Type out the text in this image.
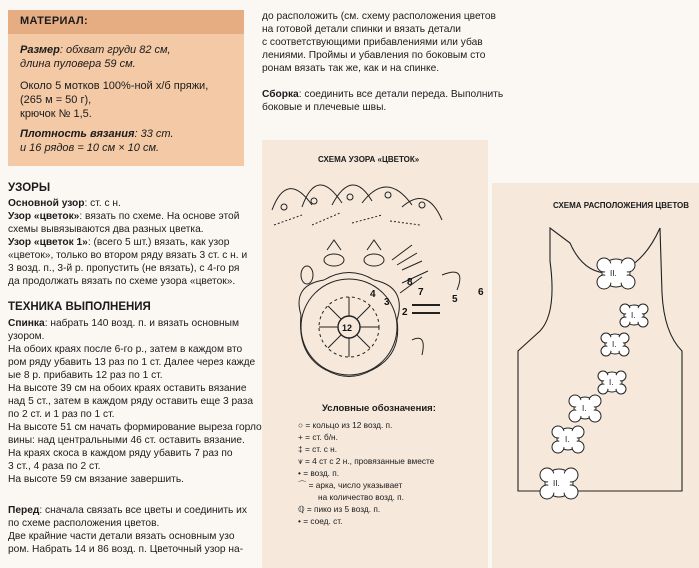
МАТЕРИАЛ:
Размер: обхват груди 82 см,
длина пуловера 59 см.
Около 5 мотков 100%-ной х/б пряжи,
(265 м = 50 г),
крючок № 1,5.
Плотность вязания: 33 ст.
и 16 рядов = 10 см × 10 см.
УЗОРЫ
Основной узор: ст. с н.
Узор «цветок»: вязать по схеме. На основе этой
схемы вывязываются два разных цветка.
Узор «цветок 1»: (всего 5 шт.) вязать, как узор
«цветок», только во втором ряду вязать 3 ст. с н. и
3 возд. п., 3-й р. пропустить (не вязать), с 4-го ря
да продолжать вязать по схеме узора «цветок».
ТЕХНИКА ВЫПОЛНЕНИЯ
Спинка: набрать 140 возд. п. и вязать основным
узором.
На обоих краях после 6-го р., затем в каждом вто
ром ряду убавить 13 раз по 1 ст. Далее через кажде
ые 8 р. прибавить 12 раз по 1 ст.
На высоте 39 см на обоих краях оставить вязание
над 5 ст., затем в каждом ряду оставить еще 3 раза
по 2 ст. и 1 раз по 1 ст.
На высоте 51 см начать формирование выреза горло
вины: над центральными 46 ст. оставить вязание.
На краях скоса в каждом ряду убавить 7 раз по
3 ст., 4 раза по 2 ст.
На высоте 59 см вязание завершить.
Перед: сначала связать все цветы и соединить их
по схеме расположения цветов.
Две крайние части детали вязать основным узо
ром. Набрать 14 и 86 возд. п. Цветочный узор на-
до расположить (см. схему расположения цветов
на готовой детали спинки и вязать детали
с соответствующими прибавлениями или убав
лениями. Проймы и убавления по боковым сто
ронам вязать так же, как и на спинке.
Сборка: соединить все детали переда. Выполнить
боковые и плечевые швы.
СХЕМА УЗОРА «ЦВЕТОК»
12
2
3
4	5
6
7
8
Условные обозначения:
○ = кольцо из 12 возд. п.
+ = ст. б/н.
‡ = ст. с н.
⩛ = 4 ст с 2 н., провязанные вместе
• = возд. п.
⌒ = арка, число указывает
на количество возд. п.
ℚ = пико из 5 возд. п.
• = соед. ст.
СХЕМА РАСПОЛОЖЕНИЯ ЦВЕТОВ
II.
I.
I.
I.
I.
I.
II.
